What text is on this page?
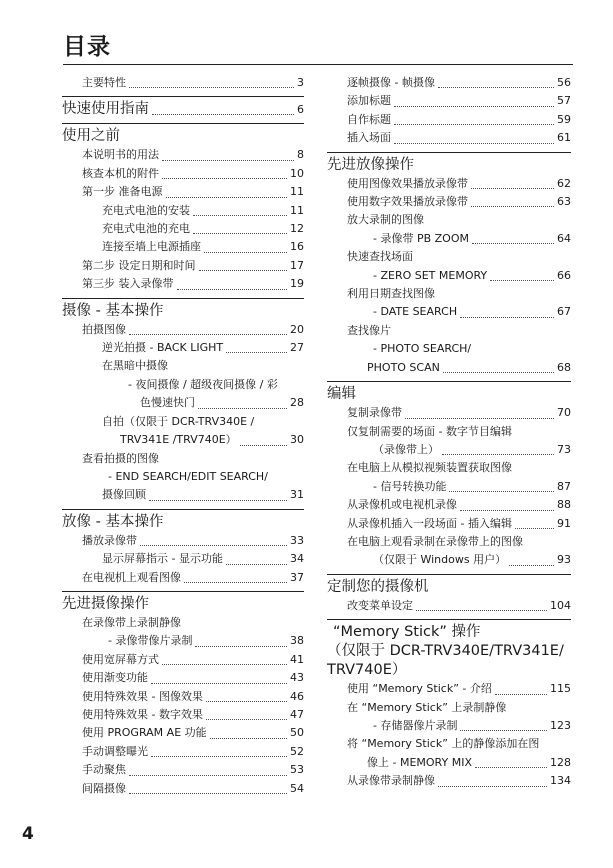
目录
主要特性	3
快速使用指南	6
使用之前
本说明书的用法	8
核查本机的附件	10
第一步 准备电源	11
充电式电池的安装	11
充电式电池的充电	12
连接至墙上电源插座	16
第二步 设定日期和时间	17
第三步 装入录像带	19
摄像 - 基本操作
拍摄图像	20
逆光拍摄 - BACK LIGHT	27
在黑暗中摄像
- 夜间摄像 / 超级夜间摄像 / 彩
色慢速快门	28
自拍（仅限于 DCR-TRV340E /
TRV341E /TRV740E）	30
查看拍摄的图像
- END SEARCH/EDIT SEARCH/
摄像回顾	31
放像 - 基本操作
播放录像带	33
显示屏幕指示 - 显示功能	34
在电视机上观看图像	37
先进摄像操作
在录像带上录制静像
- 录像带像片录制	38
使用宽屏幕方式	41
使用渐变功能	43
使用特殊效果 - 图像效果	46
使用特殊效果 - 数字效果	47
使用 PROGRAM AE 功能	50
手动调整曝光	52
手动聚焦	53
间隔摄像	54
逐帧摄像 - 帧摄像	56
添加标题	57
自作标题	59
插入场面	61
先进放像操作
使用图像效果播放录像带	62
使用数字效果播放录像带	63
放大录制的图像
- 录像带 PB ZOOM	64
快速查找场面
- ZERO SET MEMORY	66
利用日期查找图像
- DATE SEARCH	67
查找像片
- PHOTO SEARCH/
PHOTO SCAN	68
编辑
复制录像带	70
仅复制需要的场面 - 数字节目编辑
（录像带上）	73
在电脑上从模拟视频装置获取图像
- 信号转换功能	87
从录像机或电视机录像	88
从录像机插入一段场面 - 插入编辑	91
在电脑上观看录制在录像带上的图像
（仅限于 Windows 用户）	93
定制您的摄像机
改变菜单设定	104
“Memory Stick” 操作
（仅限于 DCR-TRV340E/TRV341E/
TRV740E）
使用 “Memory Stick” - 介绍	115
在 “Memory Stick” 上录制静像
- 存储器像片录制	123
将 “Memory Stick” 上的静像添加在图
像上 - MEMORY MIX	128
从录像带录制静像	134
4
